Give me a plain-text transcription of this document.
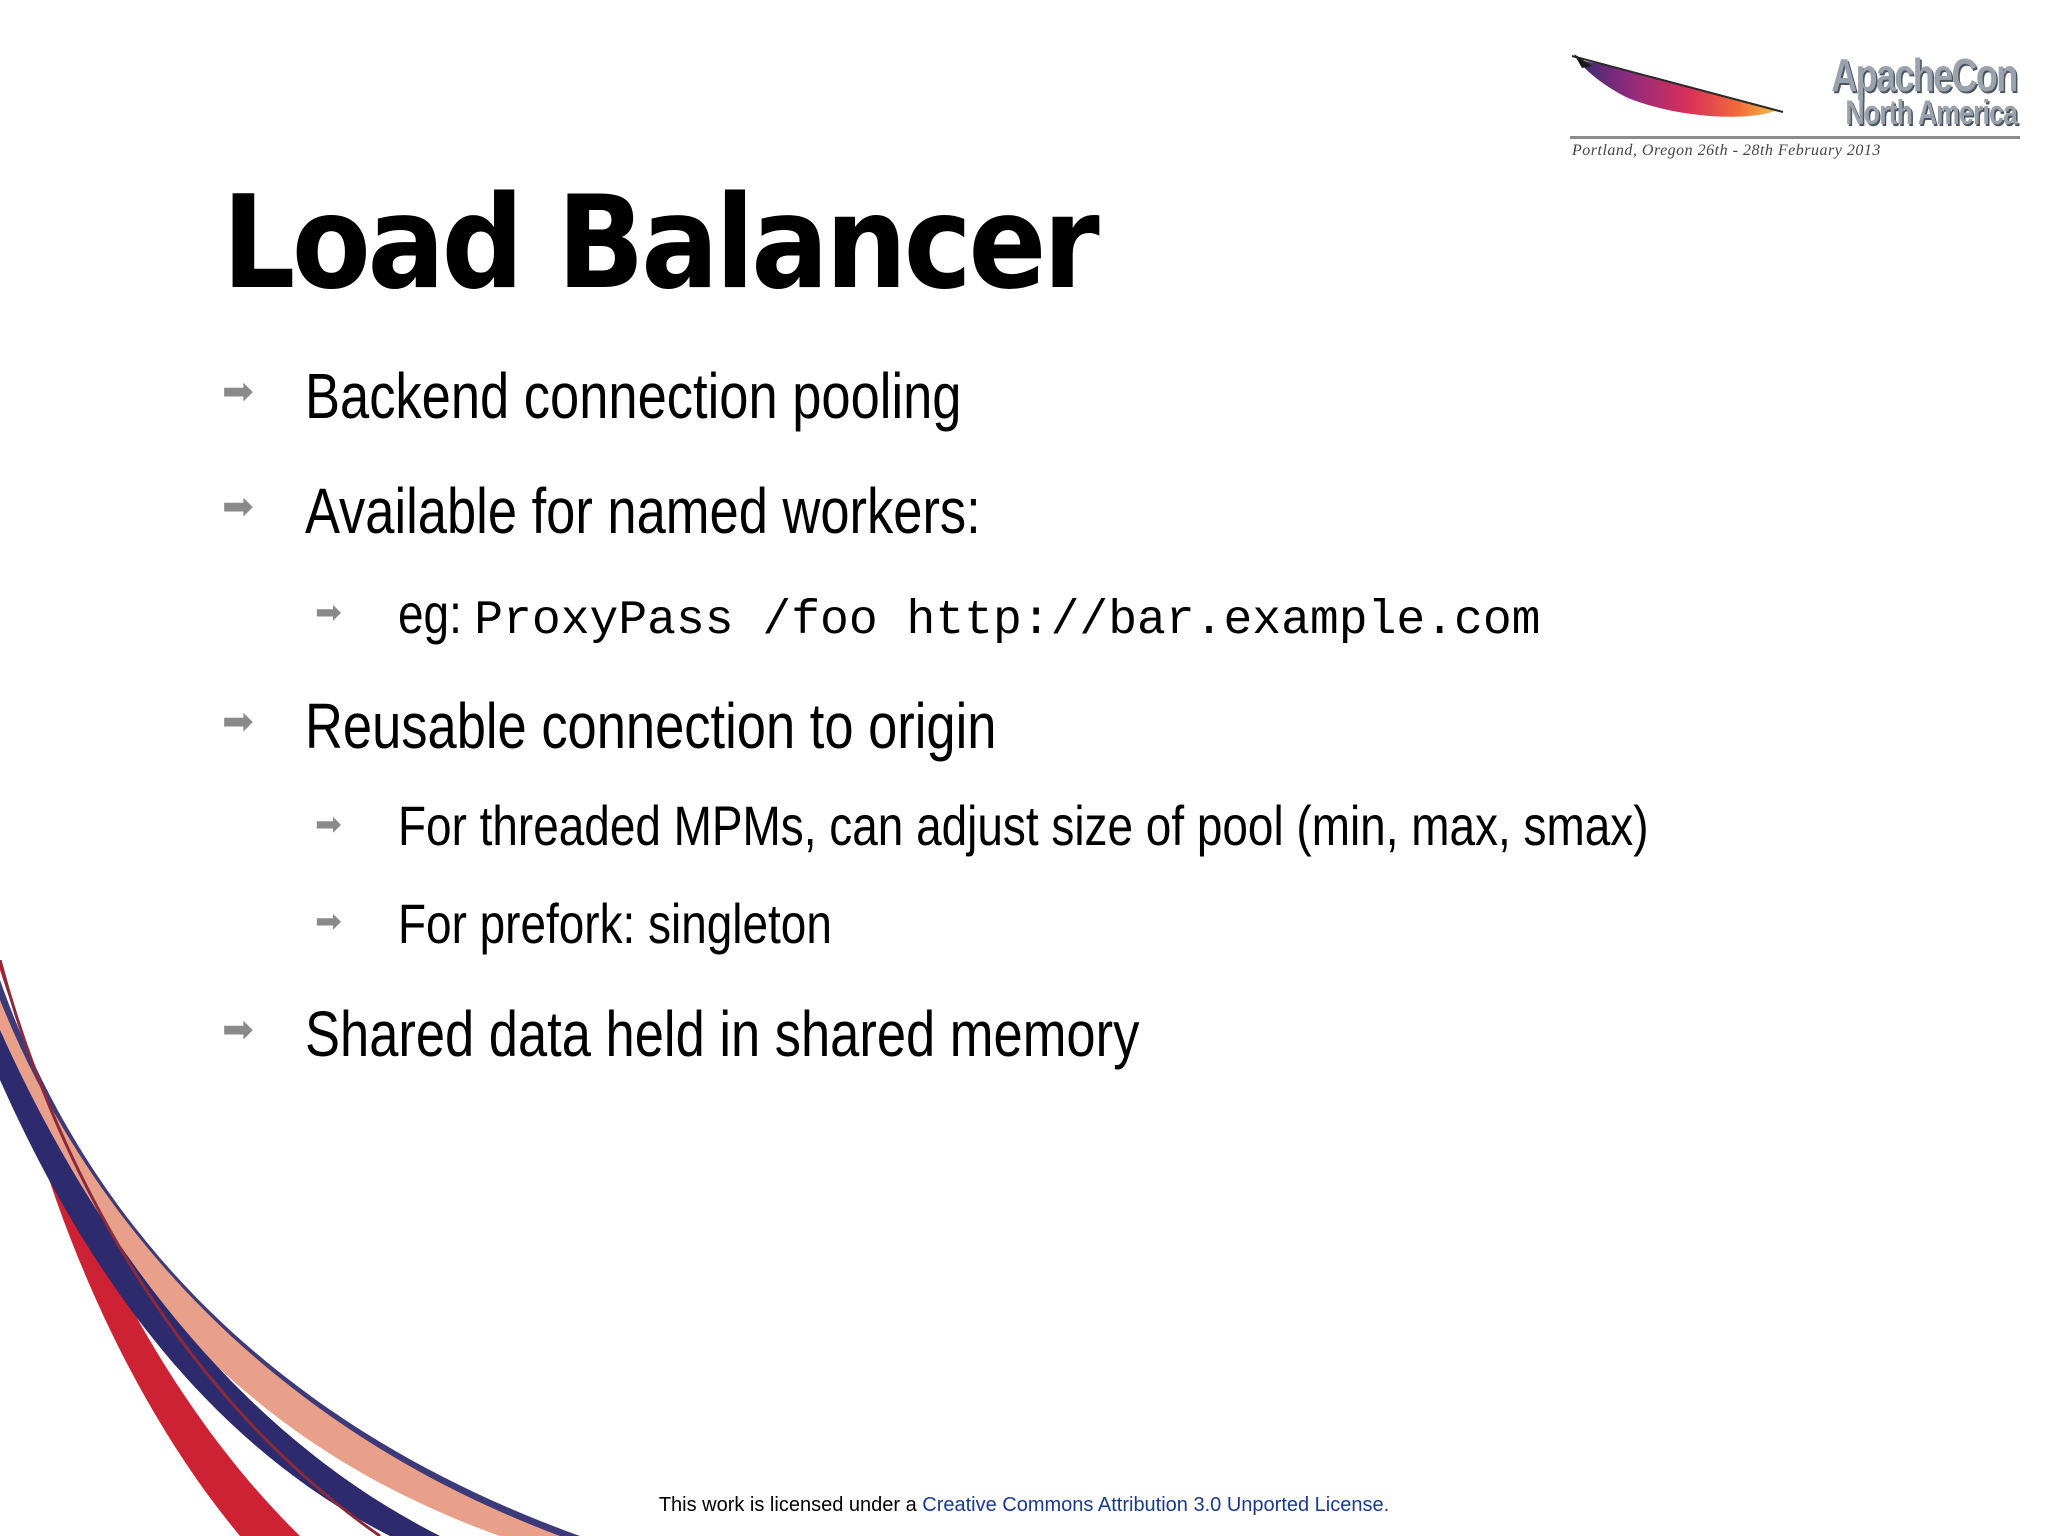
ApacheCon
North America
Portland, Oregon 26th - 28th February 2013
Load Balancer
➡ Backend connection pooling
➡ Available for named workers:
➡ eg: ProxyPass /foo http://bar.example.com
➡ Reusable connection to origin
➡ For threaded MPMs, can adjust size of pool (min, max, smax)
➡ For prefork: singleton
➡ Shared data held in shared memory
This work is licensed under a Creative Commons Attribution 3.0 Unported License.
